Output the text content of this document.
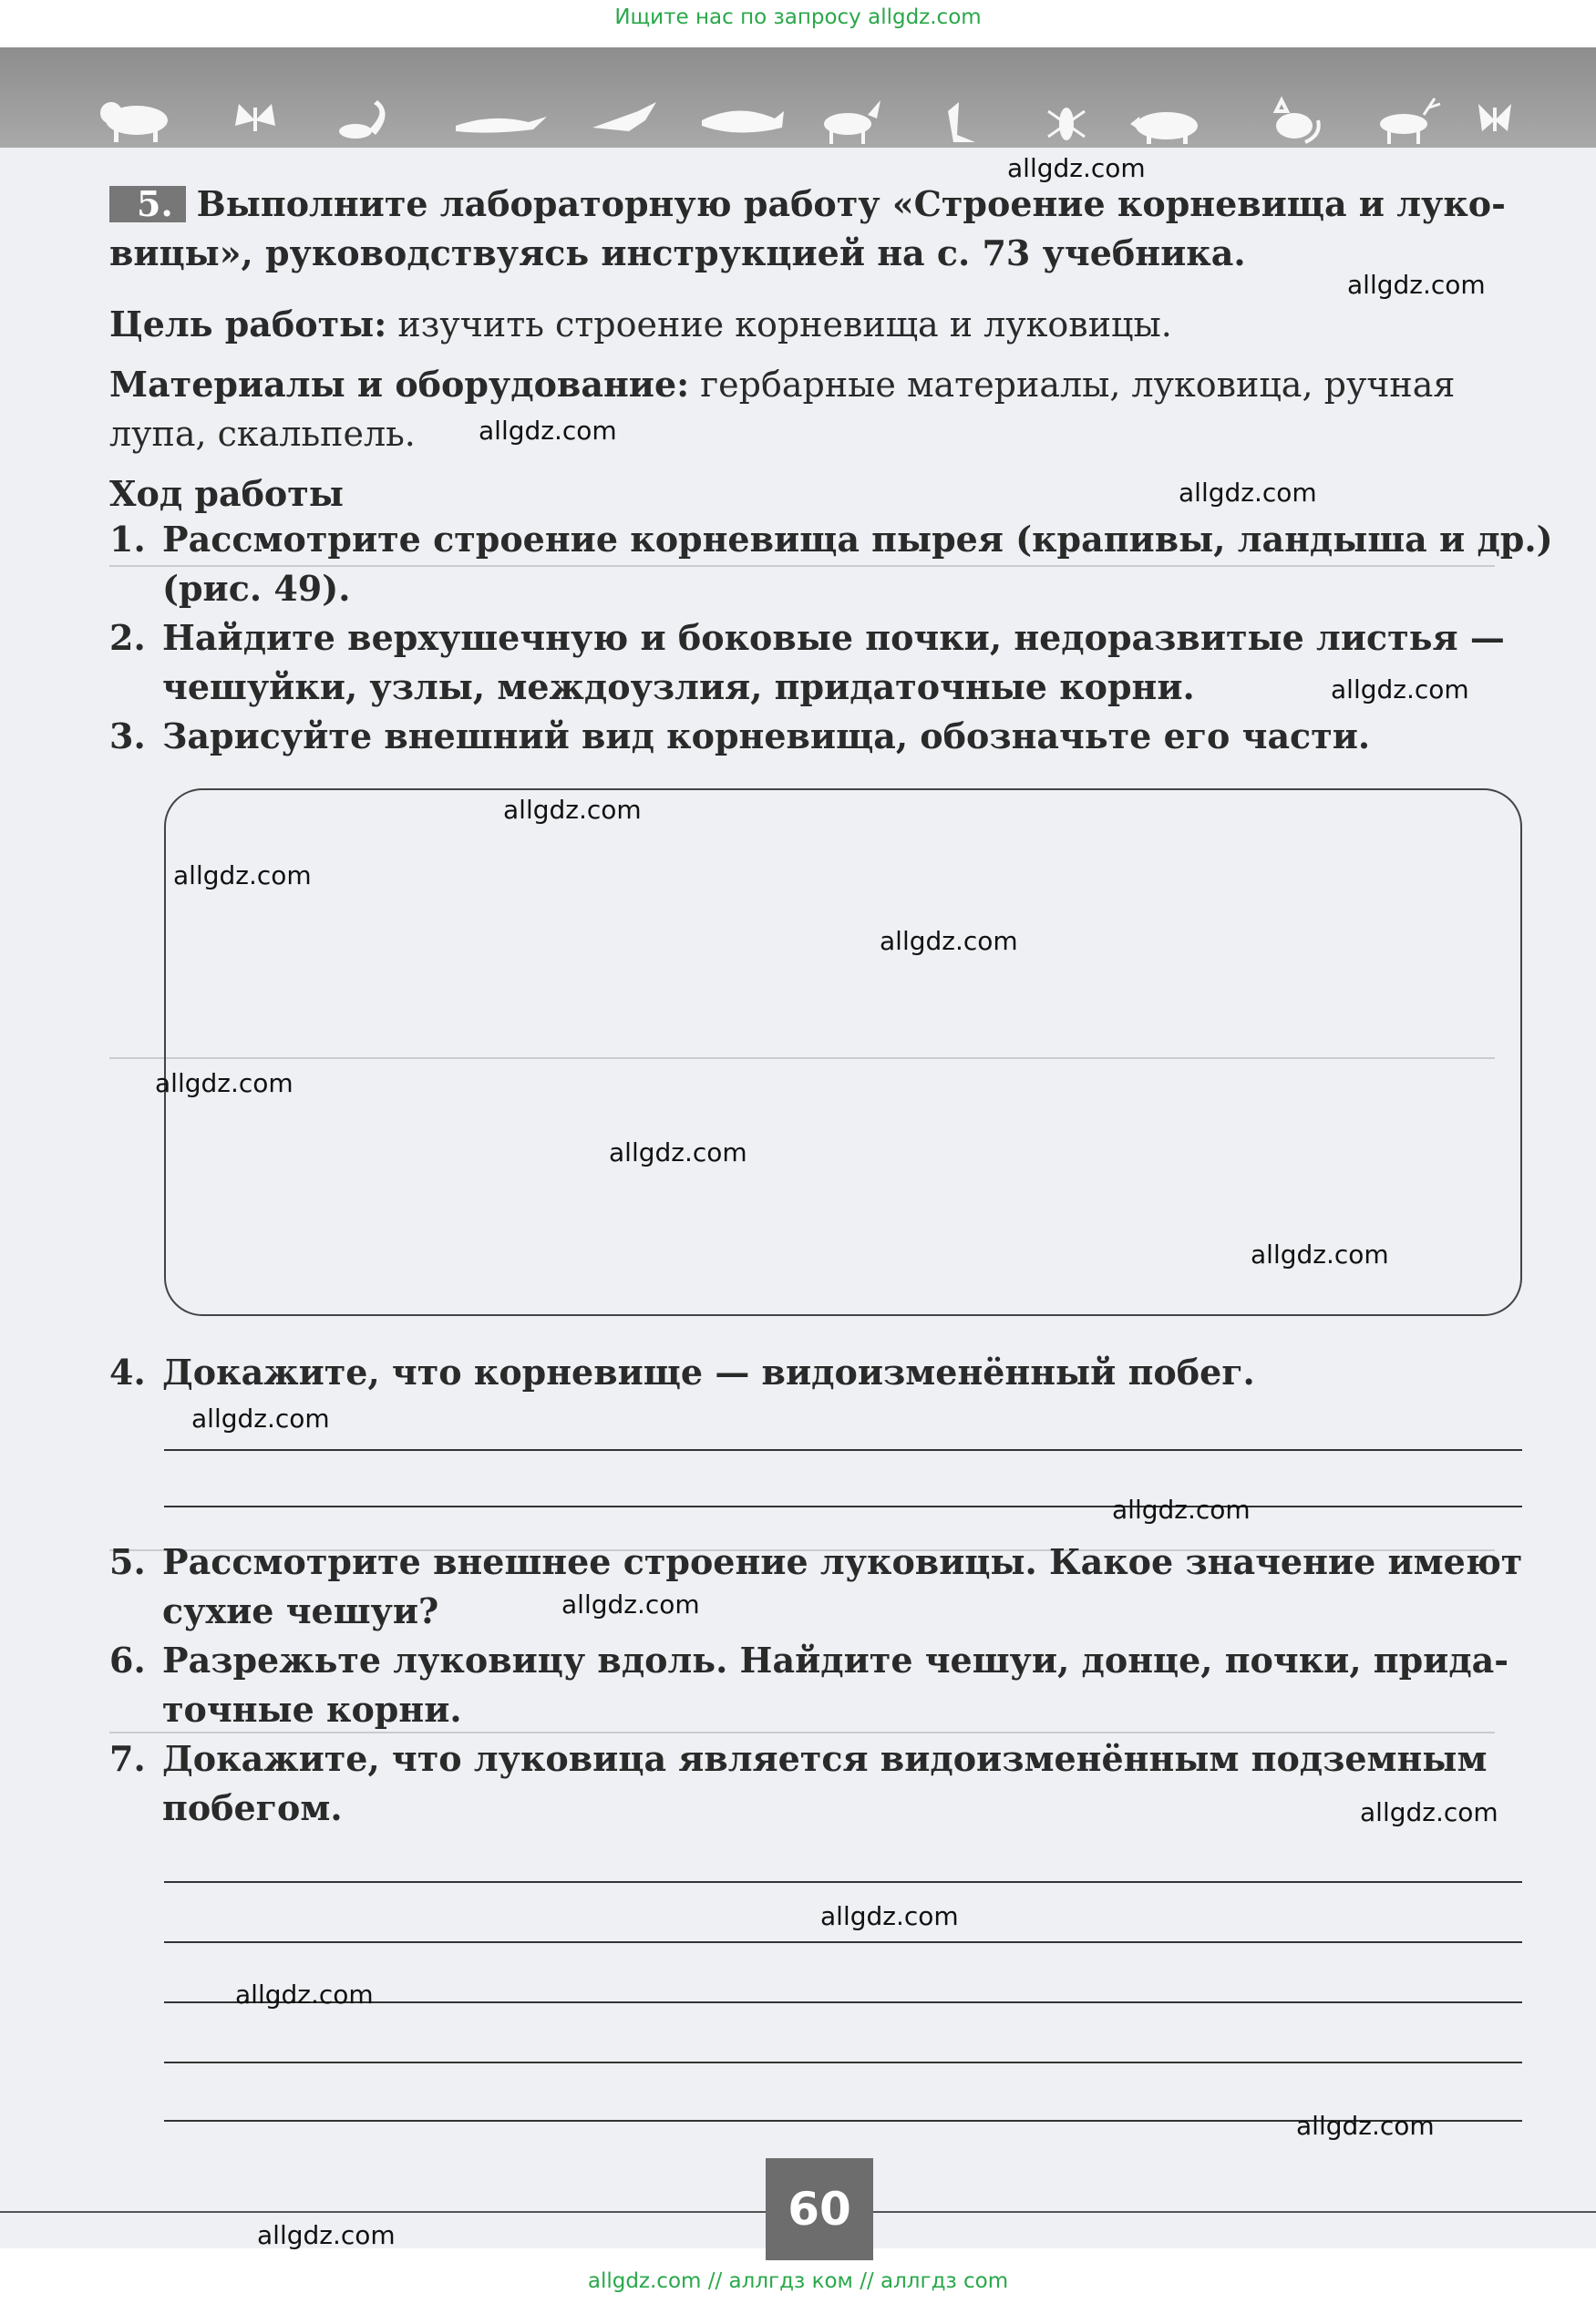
Ищите нас по запросу allgdz.com
5. Выполните лабораторную работу «Строение корневища и луко-
вицы», руководствуясь инструкцией на с. 73 учебника.
Цель работы: изучить строение корневища и луковицы.
Материалы и оборудование: гербарные материалы, луковица, ручная
лупа, скальпель.
Ход работы
1. Рассмотрите строение корневища пырея (крапивы, ландыша и др.)
(рис. 49).
2. Найдите верхушечную и боковые почки, недоразвитые листья —
чешуйки, узлы, междоузлия, придаточные корни.
3. Зарисуйте внешний вид корневища, обозначьте его части.
4. Докажите, что корневище — видоизменённый побег.
5. Рассмотрите внешнее строение луковицы. Какое значение имеют
сухие чешуи?
6. Разрежьте луковицу вдоль. Найдите чешуи, донце, почки, прида-
точные корни.
7. Докажите, что луковица является видоизменённым подземным
побегом.
60
allgdz.com
allgdz.com
allgdz.com
allgdz.com
allgdz.com
allgdz.com
allgdz.com
allgdz.com
allgdz.com
allgdz.com
allgdz.com
allgdz.com
allgdz.com
allgdz.com
allgdz.com
allgdz.com
allgdz.com
allgdz.com
allgdz.com
allgdz.com // аллгдз ком // аллгдз com
